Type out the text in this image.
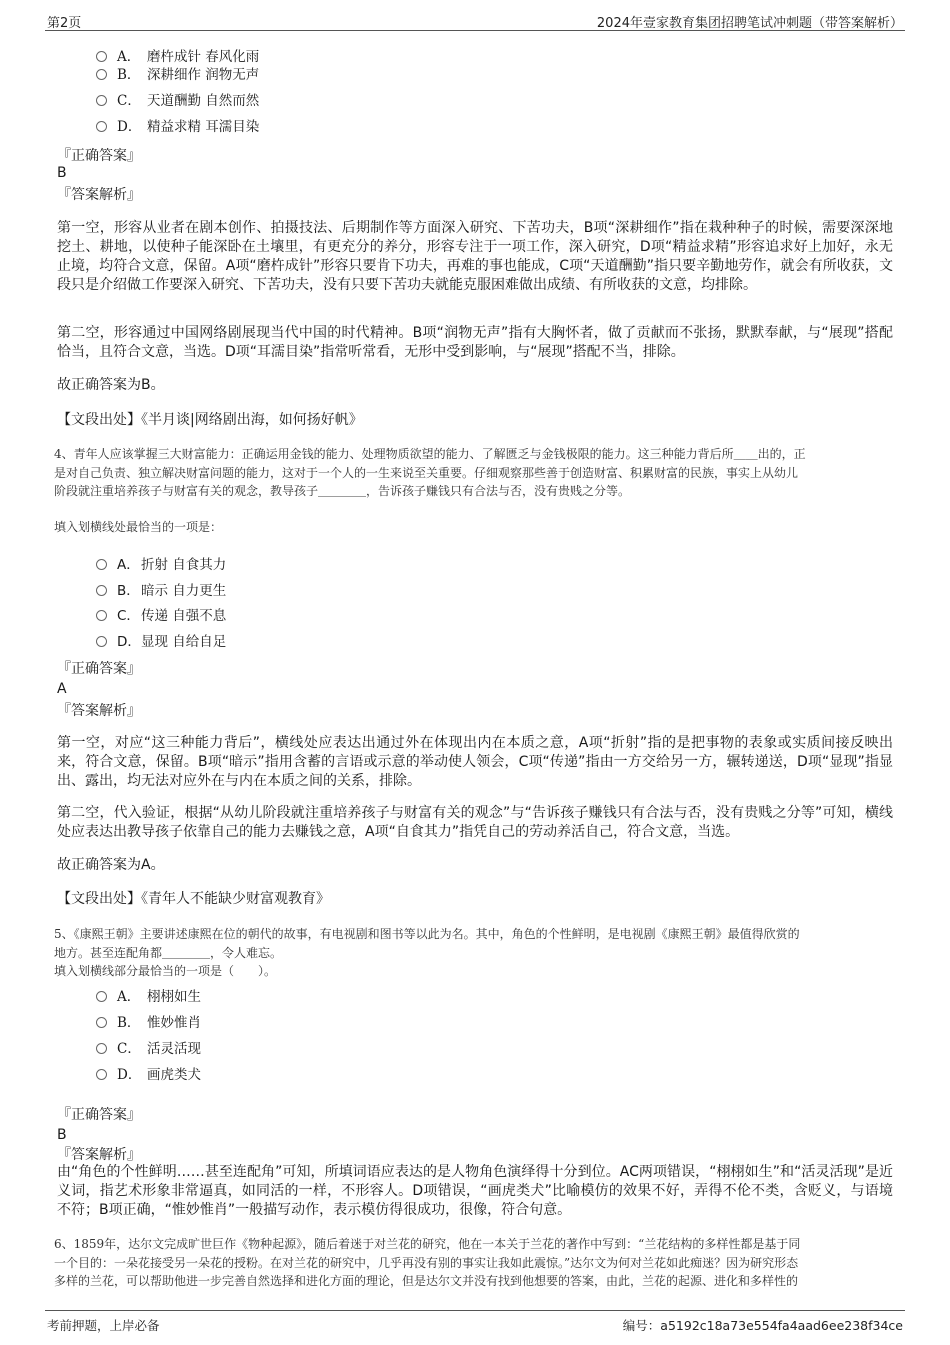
第2页	2024年壹家教育集团招聘笔试冲刺题（带答案解析）
A． 磨杵成针 春风化雨
B． 深耕细作 润物无声
C． 天道酬勤 自然而然
D． 精益求精 耳濡目染
『正确答案』
B
『答案解析』
第一空，形容从业者在剧本创作、拍摄技法、后期制作等方面深入研究、下苦功夫，B项“深耕细作”指在栽种种子的时候，需要深深地挖土、耕地，以使种子能深卧在土壤里，有更充分的养分，形容专注于一项工作，深入研究，D项“精益求精”形容追求好上加好，永无止境，均符合文意，保留。A项“磨杵成针”形容只要肯下功夫，再难的事也能成，C项“天道酬勤”指只要辛勤地劳作，就会有所收获，文段只是介绍做工作要深入研究、下苦功夫，没有只要下苦功夫就能克服困难做出成绩、有所收获的文意，均排除。
第二空，形容通过中国网络剧展现当代中国的时代精神。B项“润物无声”指有大胸怀者，做了贡献而不张扬，默默奉献，与“展现”搭配恰当，且符合文意，当选。D项“耳濡目染”指常听常看，无形中受到影响，与“展现”搭配不当，排除。
故正确答案为B。
【文段出处】《半月谈|网络剧出海，如何扬好帆》
4、青年人应该掌握三大财富能力：正确运用金钱的能力、处理物质欲望的能力、了解匮乏与金钱极限的能力。这三种能力背后所＿＿出的，正
是对自己负责、独立解决财富问题的能力，这对于一个人的一生来说至关重要。仔细观察那些善于创造财富、积累财富的民族，事实上从幼儿
阶段就注重培养孩子与财富有关的观念，教导孩子＿＿＿＿，告诉孩子赚钱只有合法与否，没有贵贱之分等。
填入划横线处最恰当的一项是：
A．折射 自食其力
B．暗示 自力更生
C．传递 自强不息
D．显现 自给自足
『正确答案』
A
『答案解析』
第一空，对应“这三种能力背后”，横线处应表达出通过外在体现出内在本质之意，A项“折射”指的是把事物的表象或实质间接反映出来，符合文意，保留。B项“暗示”指用含蓄的言语或示意的举动使人领会，C项“传递”指由一方交给另一方，辗转递送，D项“显现”指显出、露出，均无法对应外在与内在本质之间的关系，排除。
第二空，代入验证，根据“从幼儿阶段就注重培养孩子与财富有关的观念”与“告诉孩子赚钱只有合法与否，没有贵贱之分等”可知，横线处应表达出教导孩子依靠自己的能力去赚钱之意，A项“自食其力”指凭自己的劳动养活自己，符合文意，当选。
故正确答案为A。
【文段出处】《青年人不能缺少财富观教育》
5、《康熙王朝》主要讲述康熙在位的朝代的故事，有电视剧和图书等以此为名。其中，角色的个性鲜明，是电视剧《康熙王朝》最值得欣赏的
地方。甚至连配角都＿＿＿＿，令人难忘。
填入划横线部分最恰当的一项是（　　）。
A． 栩栩如生
B． 惟妙惟肖
C． 活灵活现
D． 画虎类犬
『正确答案』
B
『答案解析』
由“角色的个性鲜明……甚至连配角”可知，所填词语应表达的是人物角色演绎得十分到位。AC两项错误，“栩栩如生”和“活灵活现”是近义词，指艺术形象非常逼真，如同活的一样，不形容人。D项错误，“画虎类犬”比喻模仿的效果不好，弄得不伦不类，含贬义，与语境不符；B项正确，“惟妙惟肖”一般描写动作，表示模仿得很成功，很像，符合句意。
6、1859年，达尔文完成旷世巨作《物种起源》，随后着迷于对兰花的研究，他在一本关于兰花的著作中写到：“兰花结构的多样性都是基于同
一个目的：一朵花接受另一朵花的授粉。在对兰花的研究中，几乎再没有别的事实让我如此震惊。”达尔文为何对兰花如此痴迷？因为研究形态
多样的兰花，可以帮助他进一步完善自然选择和进化方面的理论，但是达尔文并没有找到他想要的答案，由此，兰花的起源、进化和多样性的
考前押题，上岸必备	编号：a5192c18a73e554fa4aad6ee238f34ce
